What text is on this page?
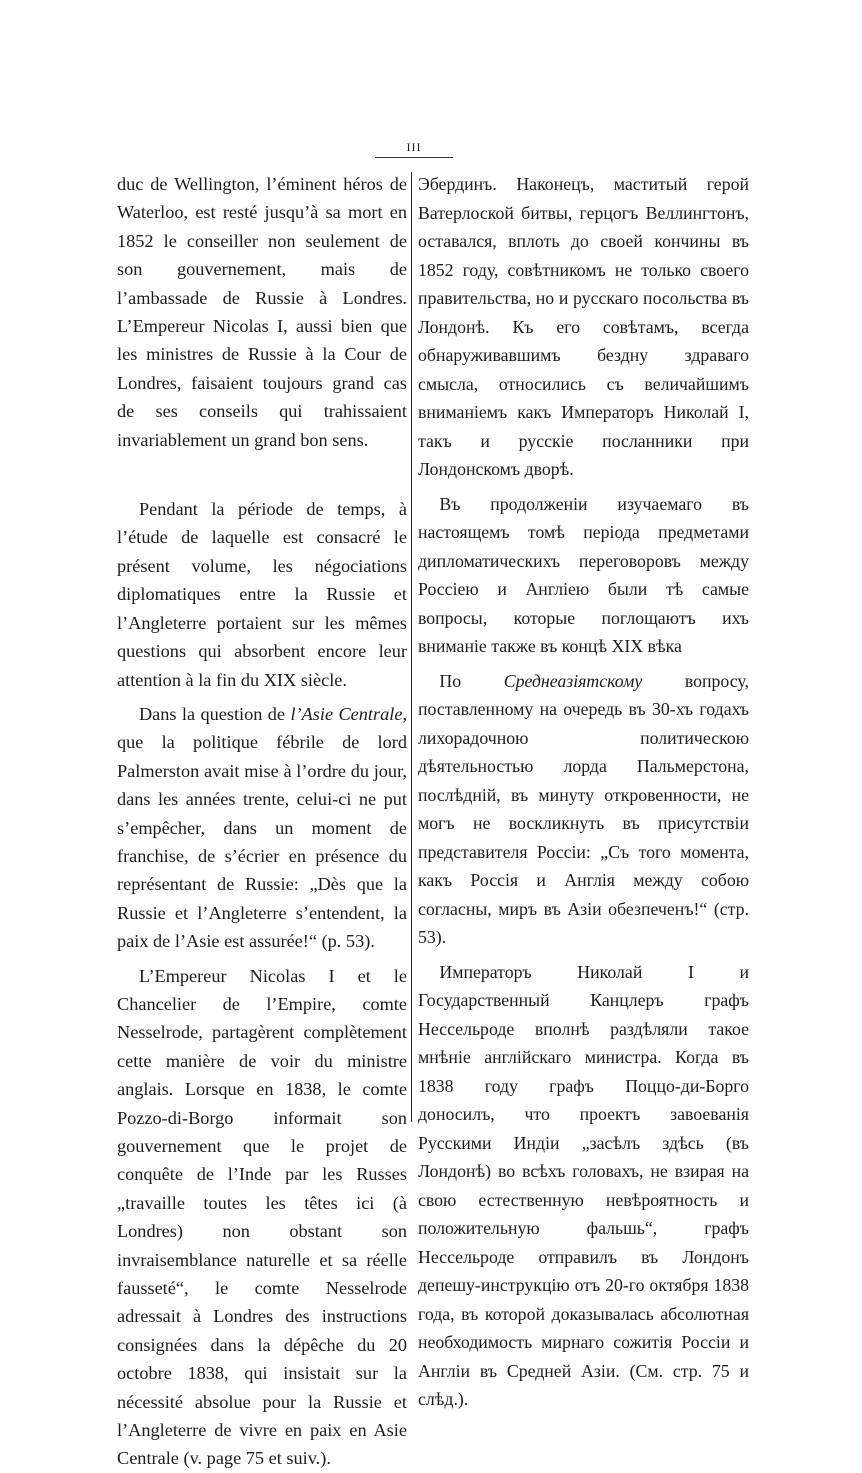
III

duc de Wellington, l’éminent héros de Waterloo, est resté jusqu’à sa mort en 1852 le conseiller non seulement de son gouvernement, mais de l’ambassade de Russie à Londres. L’Empereur Nicolas I, aussi bien que les ministres de Russie à la Cour de Londres, faisaient toujours grand cas de ses conseils qui trahissaient invariablement un grand bon sens.

Pendant la période de temps, à l’étude de laquelle est consacré le présent volume, les négociations diplomatiques entre la Russie et l’Angleterre portaient sur les mêmes questions qui absorbent encore leur attention à la fin du XIX siècle.

Dans la question de l’Asie Centrale, que la politique fébrile de lord Palmerston avait mise à l’ordre du jour, dans les années trente, celui-ci ne put s’empêcher, dans un moment de franchise, de s’écrier en présence du représentant de Russie: „Dès que la Russie et l’Angleterre s’entendent, la paix de l’Asie est assurée!“ (p. 53).

L’Empereur Nicolas I et le Chancelier de l’Empire, comte Nesselrode, partagèrent complètement cette manière de voir du ministre anglais. Lorsque en 1838, le comte Pozzo-di-Borgo informait son gouvernement que le projet de conquête de l’Inde par les Russes „travaille toutes les têtes ici (à Londres) non obstant son invraisemblance naturelle et sa réelle fausseté“, le comte Nesselrode adressait à Londres des instructions consignées dans la dépêche du 20 octobre 1838, qui insistait sur la nécessité absolue pour la Russie et l’Angleterre de vivre en paix en Asie Centrale (v. page 75 et suiv.).

Эбердинъ. Наконецъ, маститый герой Ватерлоской битвы, герцогъ Веллингтонъ, оставался, вплоть до своей кончины въ 1852 году, совѣтникомъ не только своего правительства, но и русскаго посольства въ Лондонѣ. Къ его совѣтамъ, всегда обнаруживавшимъ бездну здраваго смысла, относились съ величайшимъ вниманіемъ какъ Императоръ Николай I, такъ и русскіе посланники при Лондонскомъ дворѣ.

Въ продолженіи изучаемаго въ настоящемъ томѣ періода предметами дипломатическихъ переговоровъ между Россіею и Англіею были тѣ самые вопросы, которые поглощаютъ ихъ вниманіе также въ концѣ XIX вѣка

По Среднеазіятскому вопросу, поставленному на очередь въ 30-хъ годахъ лихорадочною политическою дѣятельностью лорда Пальмерстона, послѣдній, въ минуту откровенности, не могъ не воскликнуть въ присутствіи представителя Россіи: „Съ того момента, какъ Россія и Англія между собою согласны, миръ въ Азіи обезпеченъ!“ (стр. 53).

Императоръ Николай I и Государственный Канцлеръ графъ Нессельроде вполнѣ раздѣляли такое мнѣніе англійскаго министра. Когда въ 1838 году графъ Поццо-ди-Борго доносилъ, что проектъ завоеванія Русскими Индіи „засѣлъ здѣсь (въ Лондонѣ) во всѣхъ головахъ, не взирая на свою естественную невѣроятность и положительную фальшь“, графъ Нессельроде отправилъ въ Лондонъ депешу-инструкцію отъ 20-го октября 1838 года, въ которой доказывалась абсолютная необходимость мирнаго сожитія Россіи и Англіи въ Средней Азіи. (См. стр. 75 и слѣд.).
